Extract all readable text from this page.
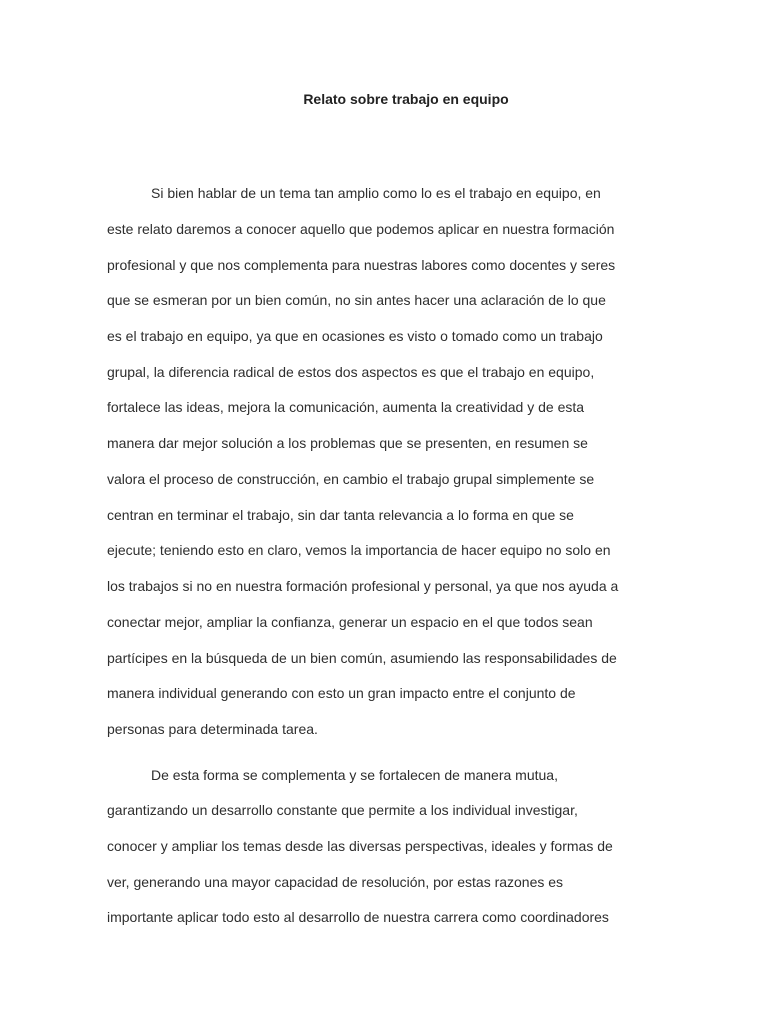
Relato sobre trabajo en equipo
Si bien hablar de un tema tan amplio como lo es el trabajo en equipo, en
este relato daremos a conocer aquello que podemos aplicar en nuestra formación
profesional y que nos complementa para nuestras labores como docentes y seres
que se esmeran por un bien común, no sin antes hacer una aclaración de lo que
es el trabajo en equipo, ya que en ocasiones es visto o tomado como un trabajo
grupal, la diferencia radical de estos dos aspectos es que el trabajo en equipo,
fortalece las ideas, mejora la comunicación, aumenta la creatividad y de esta
manera dar mejor solución a los problemas que se presenten, en resumen se
valora el proceso de construcción, en cambio el trabajo grupal simplemente se
centran en terminar el trabajo, sin dar tanta relevancia a lo forma en que se
ejecute; teniendo esto en claro, vemos la importancia de hacer equipo no solo en
los trabajos si no en nuestra formación profesional y personal, ya que nos ayuda a
conectar mejor, ampliar la confianza, generar un espacio en el que todos sean
partícipes en la búsqueda de un bien común, asumiendo las responsabilidades de
manera individual generando con esto un gran impacto entre el conjunto de
personas para determinada tarea.
De esta forma se complementa y se fortalecen de manera mutua,
garantizando un desarrollo constante que permite a los individual investigar,
conocer y ampliar los temas desde las diversas perspectivas, ideales y formas de
ver, generando una mayor capacidad de resolución, por estas razones es
importante aplicar todo esto al desarrollo de nuestra carrera como coordinadores
